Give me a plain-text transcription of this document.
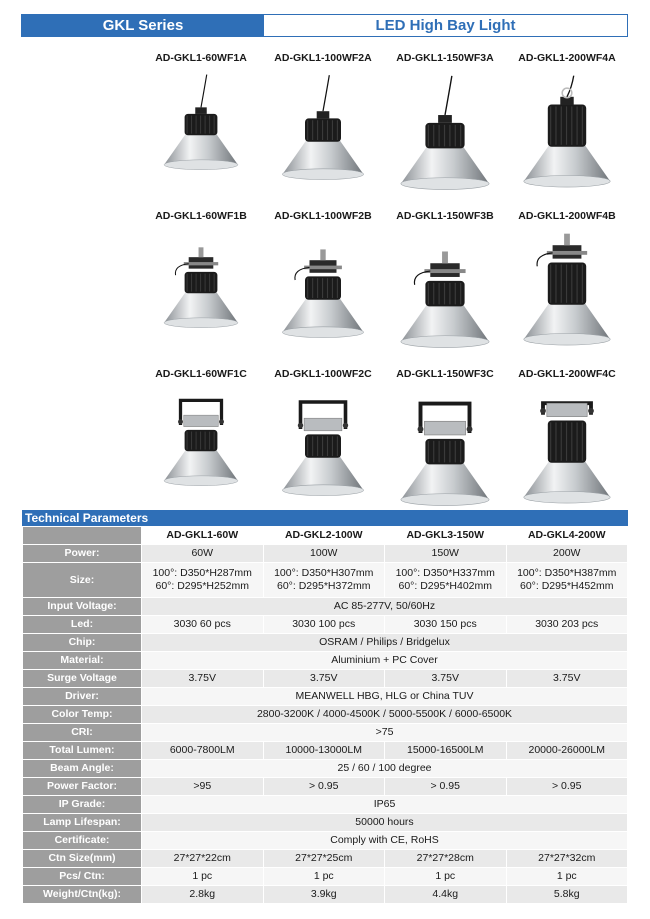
GKL Series	LED High Bay Light
AD-GKL1-60WF1A	AD-GKL1-100WF2A AD-GKL1-150WF3A AD-GKL1-200WF4A
AD-GKL1-60WF1B	AD-GKL1-100WF2B AD-GKL1-150WF3B AD-GKL1-200WF4B
AD-GKL1-60WF1C	AD-GKL1-100WF2C AD-GKL1-150WF3C AD-GKL1-200WF4C
Technical Parameters
	AD-GKL1-60W	AD-GKL2-100W	AD-GKL3-150W	AD-GKL4-200W
Power:	60W	100W	150W	200W
Size:	100°: D350*H287mm
60°: D295*H252mm	100°: D350*H307mm
60°: D295*H372mm	100°: D350*H337mm
60°: D295*H402mm	100°: D350*H387mm
60°: D295*H452mm
Input Voltage:	AC 85-277V, 50/60Hz			
Led:	3030 60 pcs	3030 100 pcs	3030 150 pcs	3030 203 pcs
Chip:	OSRAM / Philips / Bridgelux			
Material:	Aluminium + PC Cover			
Surge Voltage	3.75V	3.75V	3.75V	3.75V
Driver:	MEANWELL HBG, HLG or China TUV			
Color Temp:	2800-3200K / 4000-4500K / 5000-5500K / 6000-6500K			
CRI:	>75			
Total Lumen:	6000-7800LM	10000-13000LM	15000-16500LM	20000-26000LM
Beam Angle:	25 / 60 / 100 degree			
Power Factor:	>95	> 0.95	> 0.95	> 0.95
IP Grade:	IP65			
Lamp Lifespan:	50000 hours			
Certificate:	Comply with CE, RoHS			
Ctn Size(mm)	27*27*22cm	27*27*25cm	27*27*28cm	27*27*32cm
Pcs/ Ctn:	1 pc	1 pc	1 pc	1 pc
Weight/Ctn(kg):	2.8kg	3.9kg	4.4kg	5.8kg
